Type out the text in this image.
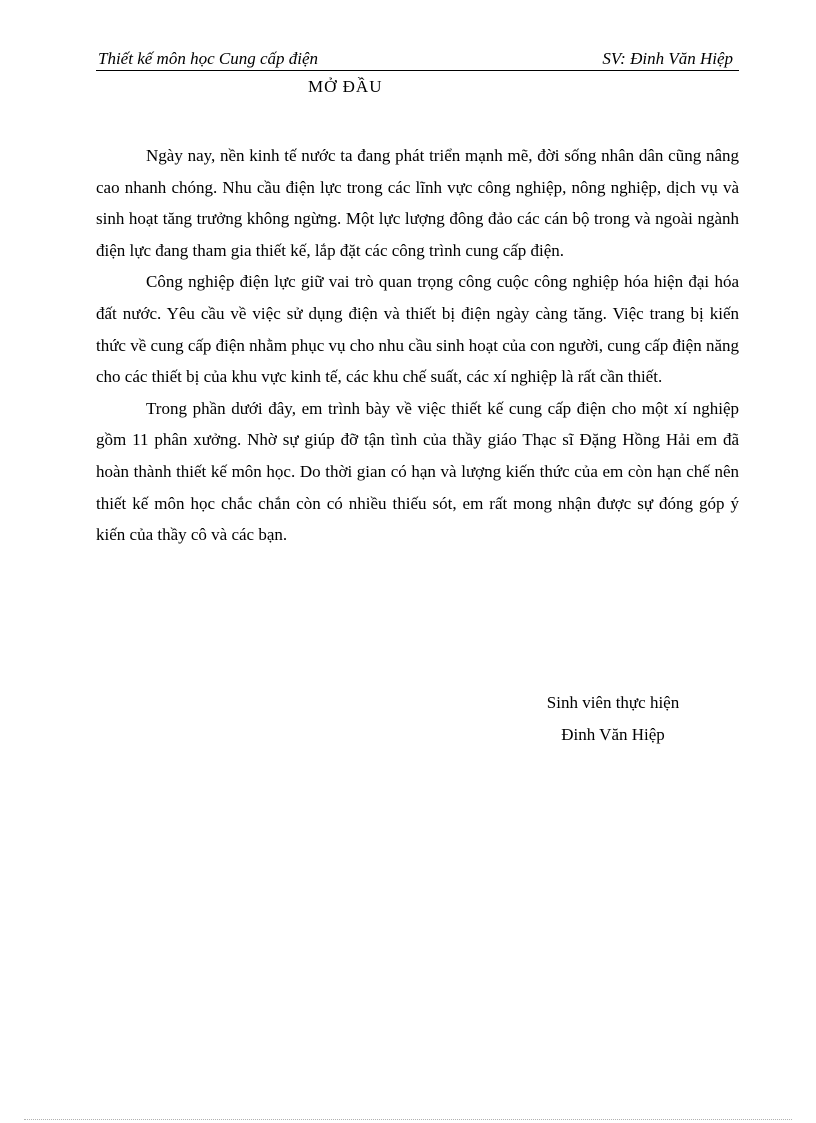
Thiết kế môn học Cung cấp điện	SV: Đinh Văn Hiệp
MỞ ĐẦU

Ngày nay, nền kinh tế nước ta đang phát triển mạnh mẽ, đời sống nhân dân cũng nâng cao nhanh chóng. Nhu cầu điện lực trong các lĩnh vực công nghiệp, nông nghiệp, dịch vụ và sinh hoạt tăng trưởng không ngừng. Một lực lượng đông đảo các cán bộ trong và ngoài ngành điện lực đang tham gia thiết kế, lắp đặt các công trình cung cấp điện.

Công nghiệp điện lực giữ vai trò quan trọng công cuộc công nghiệp hóa hiện đại hóa đất nước. Yêu cầu về việc sử dụng điện và thiết bị điện ngày càng tăng. Việc trang bị kiến thức về cung cấp điện nhằm phục vụ cho nhu cầu sinh hoạt của con người, cung cấp điện năng cho các thiết bị của khu vực kinh tế, các khu chế suất, các xí nghiệp là rất cần thiết.

Trong phần dưới đây, em trình bày về việc thiết kế cung cấp điện cho một xí nghiệp gồm 11 phân xưởng. Nhờ sự giúp đỡ tận tình của thầy giáo Thạc sĩ Đặng Hồng Hải em đã hoàn thành thiết kế môn học. Do thời gian có hạn và lượng kiến thức của em còn hạn chế nên thiết kế môn học chắc chắn còn có nhiều thiếu sót, em rất mong nhận được sự đóng góp ý kiến của thầy cô và các bạn.

Sinh viên thực hiện
Đinh Văn Hiệp
